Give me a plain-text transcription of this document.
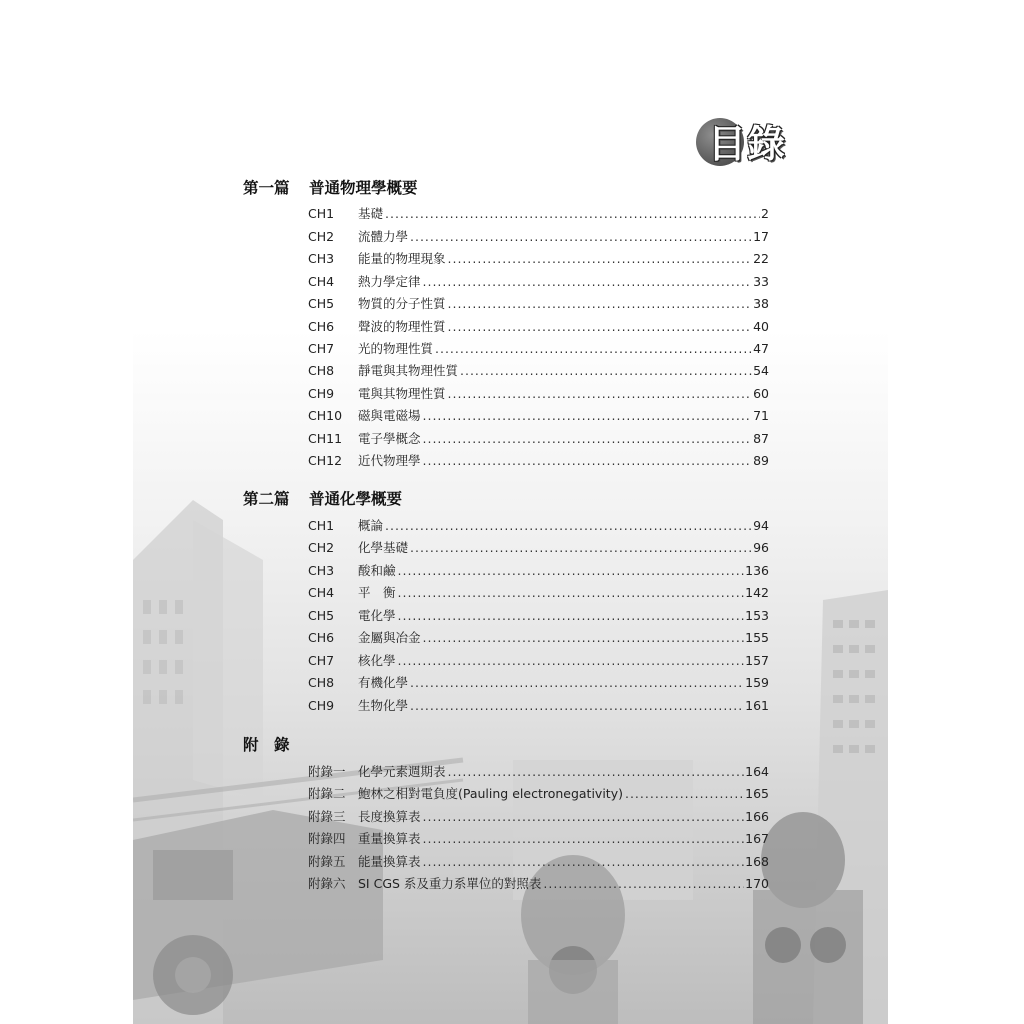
目錄
第一篇 普通物理學概要
CH1	基礎 .....	2
CH2	流體力學 .....	17
CH3	能量的物理現象 .....	22
CH4	熱力學定律 .....	33
CH5	物質的分子性質 .....	38
CH6	聲波的物理性質 .....	40
CH7	光的物理性質 .....	47
CH8	靜電與其物理性質 .....	54
CH9	電與其物理性質 .....	60
CH10	磁與電磁場 .....	71
CH11	電子學概念 .....	87
CH12	近代物理學 .....	89
第二篇 普通化學概要
CH1	概論 .....	94
CH2	化學基礎 .....	96
CH3	酸和鹼 .....	136
CH4	平　衡 .....	142
CH5	電化學 .....	153
CH6	金屬與冶金 .....	155
CH7	核化學 .....	157
CH8	有機化學 .....	159
CH9	生物化學 .....	161
附　錄
附錄一 化學元素週期表 .....	164
附錄二 鮑林之相對電負度(Pauling electronegativity) .....	165
附錄三 長度換算表 .....	166
附錄四 重量換算表 .....	167
附錄五 能量換算表 .....	168
附錄六 SI CGS 系及重力系單位的對照表 .....	170
